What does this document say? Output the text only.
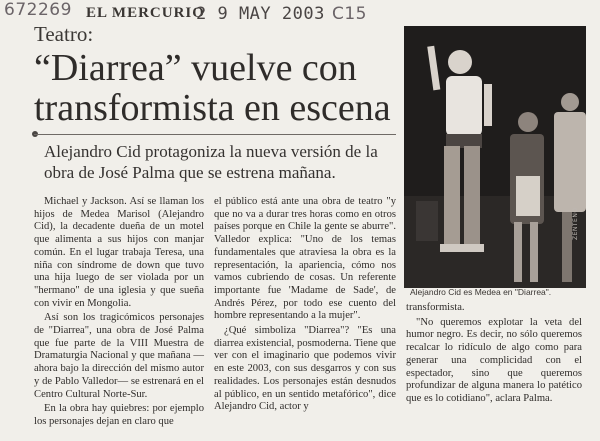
672269 EL MERCURIO
2 9 MAY 2003 C15
Teatro:
“Diarrea” vuelve con transformista en escena

Alejandro Cid protagoniza la nueva versión de la obra de José Palma que se estrena mañana.

Michael y Jackson. Así se llaman los hijos de Medea Marisol (Alejandro Cid), la decadente dueña de un motel que alimenta a sus hijos con manjar común. En el lugar trabaja Teresa, una niña con síndrome de down que tuvo una hija luego de ser violada por un "hermano" de una iglesia y que sueña con vivir en Mongolia.

Así son los tragicómicos personajes de "Diarrea", una obra de José Palma que fue parte de la VIII Muestra de Dramaturgia Nacional y que mañana —ahora bajo la dirección del mismo autor y de Pablo Valledor— se estrenará en el Centro Cultural Norte-Sur.

En la obra hay quiebres: por ejemplo los personajes dejan en claro que

el público está ante una obra de teatro "y que no va a durar tres horas como en otros países porque en Chile la gente se aburre". Valledor explica: "Uno de los temas fundamentales que atraviesa la obra es la representación, la apariencia, cómo nos vamos cubriendo de cosas. Un referente importante fue 'Madame de Sade', de Andrés Pérez, por todo ese cuento del hombre representando a la mujer".

¿Qué simboliza "Diarrea"? "Es una diarrea existencial, posmoderna. Tiene que ver con el imaginario que podemos vivir en este 2003, con sus desgarros y con sus realidades. Los personajes están desnudos al público, en un sentido metafórico", dice Alejandro Cid, actor y

ZENTENO
Alejandro Cid es Medea en "Diarrea".

transformista.

"No queremos explotar la veta del humor negro. Es decir, no sólo queremos recalcar lo ridículo de algo como para generar una complicidad con el espectador, sino que queremos profundizar de alguna manera lo patético que es lo cotidiano", aclara Palma.
